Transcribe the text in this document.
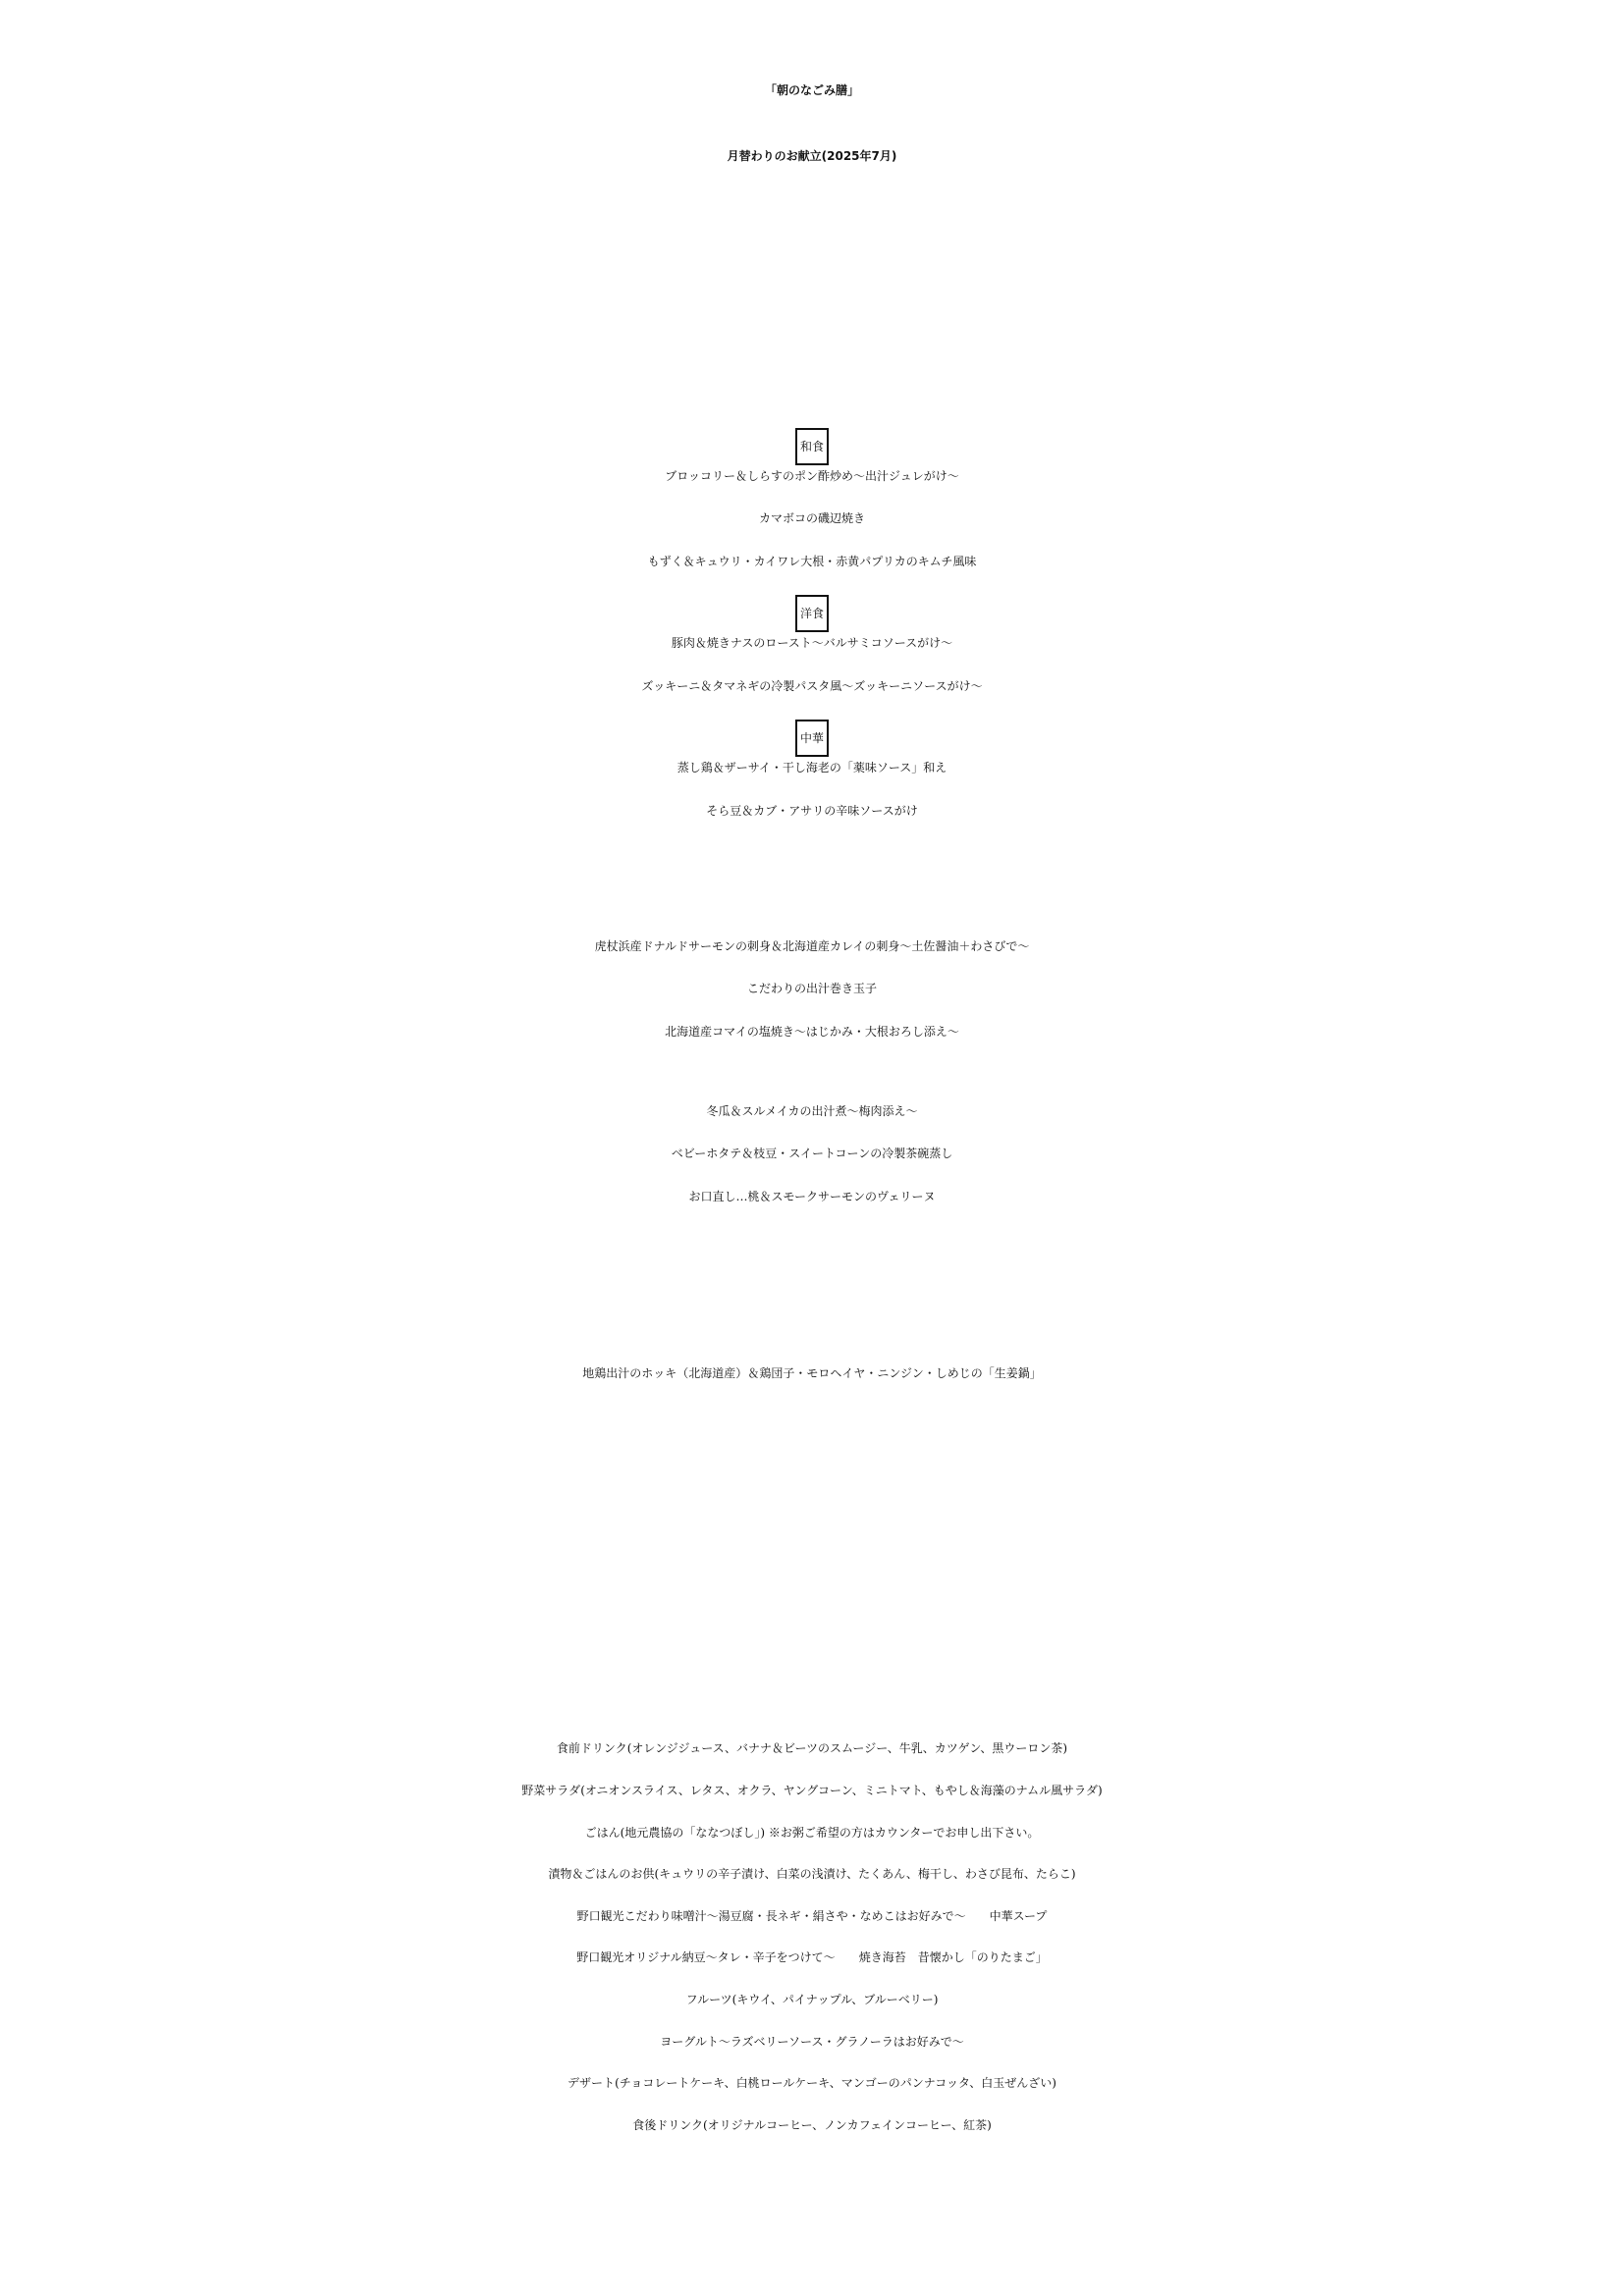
「朝のなごみ膳」
月替わりのお献立(2025年7月)
和食
ブロッコリー＆しらすのポン酢炒め～出汁ジュレがけ～
カマボコの磯辺焼き
もずく＆キュウリ・カイワレ大根・赤黄パプリカのキムチ風味
洋食
豚肉＆焼きナスのロースト～バルサミコソースがけ～
ズッキーニ＆タマネギの冷製パスタ風～ズッキーニソースがけ～
中華
蒸し鶏＆ザーサイ・干し海老の「薬味ソース」和え
そら豆＆カブ・アサリの辛味ソースがけ
虎杖浜産ドナルドサーモンの刺身＆北海道産カレイの刺身～土佐醤油＋わさびで～
こだわりの出汁巻き玉子
北海道産コマイの塩焼き～はじかみ・大根おろし添え～
冬瓜＆スルメイカの出汁煮～梅肉添え～
ベビーホタテ＆枝豆・スイートコーンの冷製茶碗蒸し
お口直し…桃＆スモークサーモンのヴェリーヌ
地鶏出汁のホッキ（北海道産）＆鶏団子・モロヘイヤ・ニンジン・しめじの「生姜鍋」
食前ドリンク(オレンジジュース、バナナ＆ビーツのスムージー、牛乳、カツゲン、黒ウーロン茶)
野菜サラダ(オニオンスライス、レタス、オクラ、ヤングコーン、ミニトマト、もやし＆海藻のナムル風サラダ)
ごはん(地元農協の「ななつぼし」) ※お粥ご希望の方はカウンターでお申し出下さい。
漬物＆ごはんのお供(キュウリの辛子漬け、白菜の浅漬け、たくあん、梅干し、わさび昆布、たらこ)
野口観光こだわり味噌汁～湯豆腐・長ネギ・絹さや・なめこはお好みで～　　 中華スープ
野口観光オリジナル納豆～タレ・辛子をつけて～　　 焼き海苔　昔懐かし「のりたまご」
フルーツ(キウイ、パイナップル、ブルーベリー)
ヨーグルト～ラズベリーソース・グラノーラはお好みで～
デザート(チョコレートケーキ、白桃ロールケーキ、マンゴーのパンナコッタ、白玉ぜんざい)
食後ドリンク(オリジナルコーヒー、ノンカフェインコーヒー、紅茶)
